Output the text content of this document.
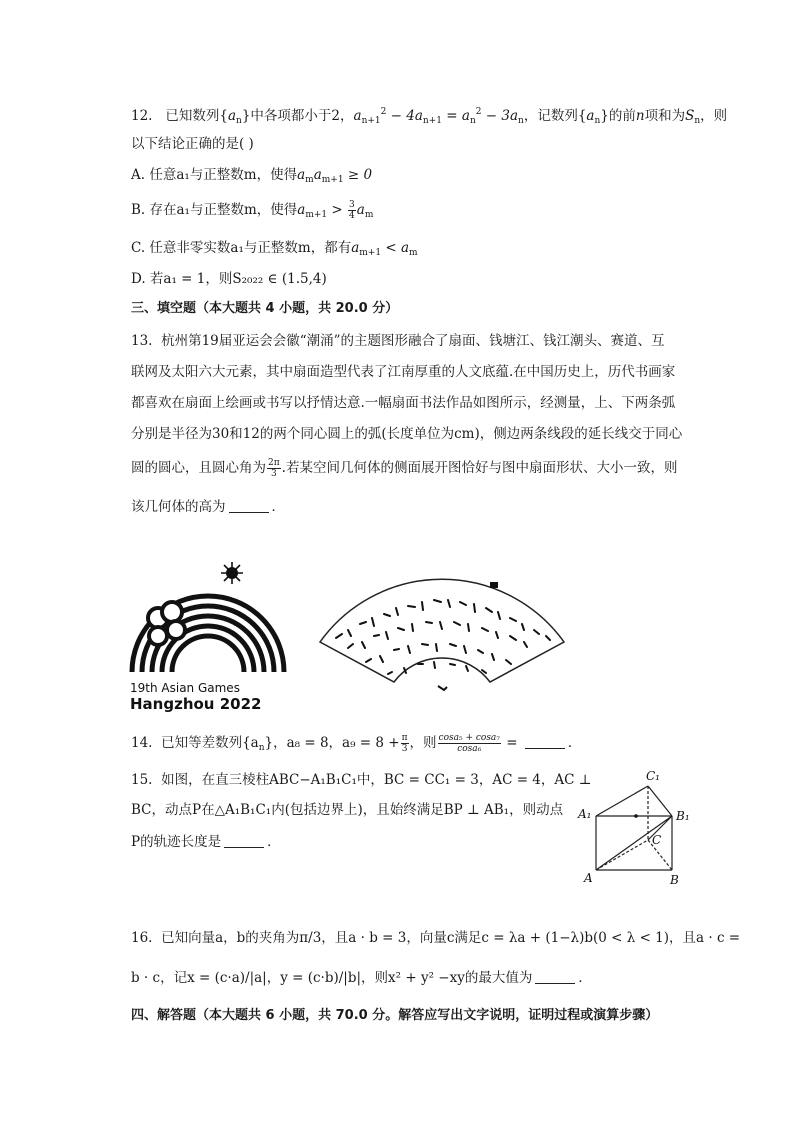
12. 已知数列$\{a_n\}$中各项都小于2，$a_{n+1}^2 - 4a_{n+1} = a_n^2 - 3a_n$，记数列$\{a_n\}$的前n项和为$S_n$，则
以下结论正确的是( )
A. 任意a₁与正整数m，使得$a_ma_{m+1} \ge 0$
B. 存在a₁与正整数m，使得$a_{m+1} > \frac{3}{4} a_m$
C. 任意非零实数a₁与正整数m，都有$a_{m+1} < a_m$
D. 若a₁ = 1，则S₂₀₂₂ ∈ (1.5,4)
三、填空题（本大题共 4 小题，共 20.0 分）
13. 杭州第19届亚运会会徽“潮涌”的主题图形融合了扇面、钱塘江、钱江潮头、赛道、互
联网及太阳六大元素，其中扇面造型代表了江南厚重的人文底蕴.在中国历史上，历代书画家
都喜欢在扇面上绘画或书写以抒情达意.一幅扇面书法作品如图所示，经测量，上、下两条弧
分别是半径为30和12的两个同心圆上的弧(长度单位为cm)，侧边两条线段的延长线交于同心
圆的圆心，且圆心角为 $\frac{2\pi}{3}$ .若某空间几何体的侧面展开图恰好与图中扇面形状、大小一致，则
该几何体的高为	．
19th Asian Games
Hangzhou 2022
14. 已知等差数列$\{a_n\}$，a₈ = 8，$a_9 = 8 + \frac{\pi}{3}$ ，则 $\frac{\text{cosa₅ + cosa₇}}{\text{cosa₆}}$ =	．
15. 如图，在直三棱柱ABC−A₁B₁C₁中，BC = CC₁ = 3，AC = 4，AC ⊥
BC，动点P在△A₁B₁C₁内(包括边界上)，且始终满足BP ⊥ AB₁，则动点
P的轨迹长度是	．
C₁
A₁	B₁
C
A	B
16. 已知向量a，b的夹角为π/3，且a · b = 3，向量c满足c = λa + (1−λ)b(0 < λ < 1)，且a · c =
b · c，记x = (c·a)/|a|，y = (c·b)/|b|，则x² + y² −xy的最大值为	．
四、解答题（本大题共 6 小题，共 70.0 分。解答应写出文字说明，证明过程或演算步骤）
